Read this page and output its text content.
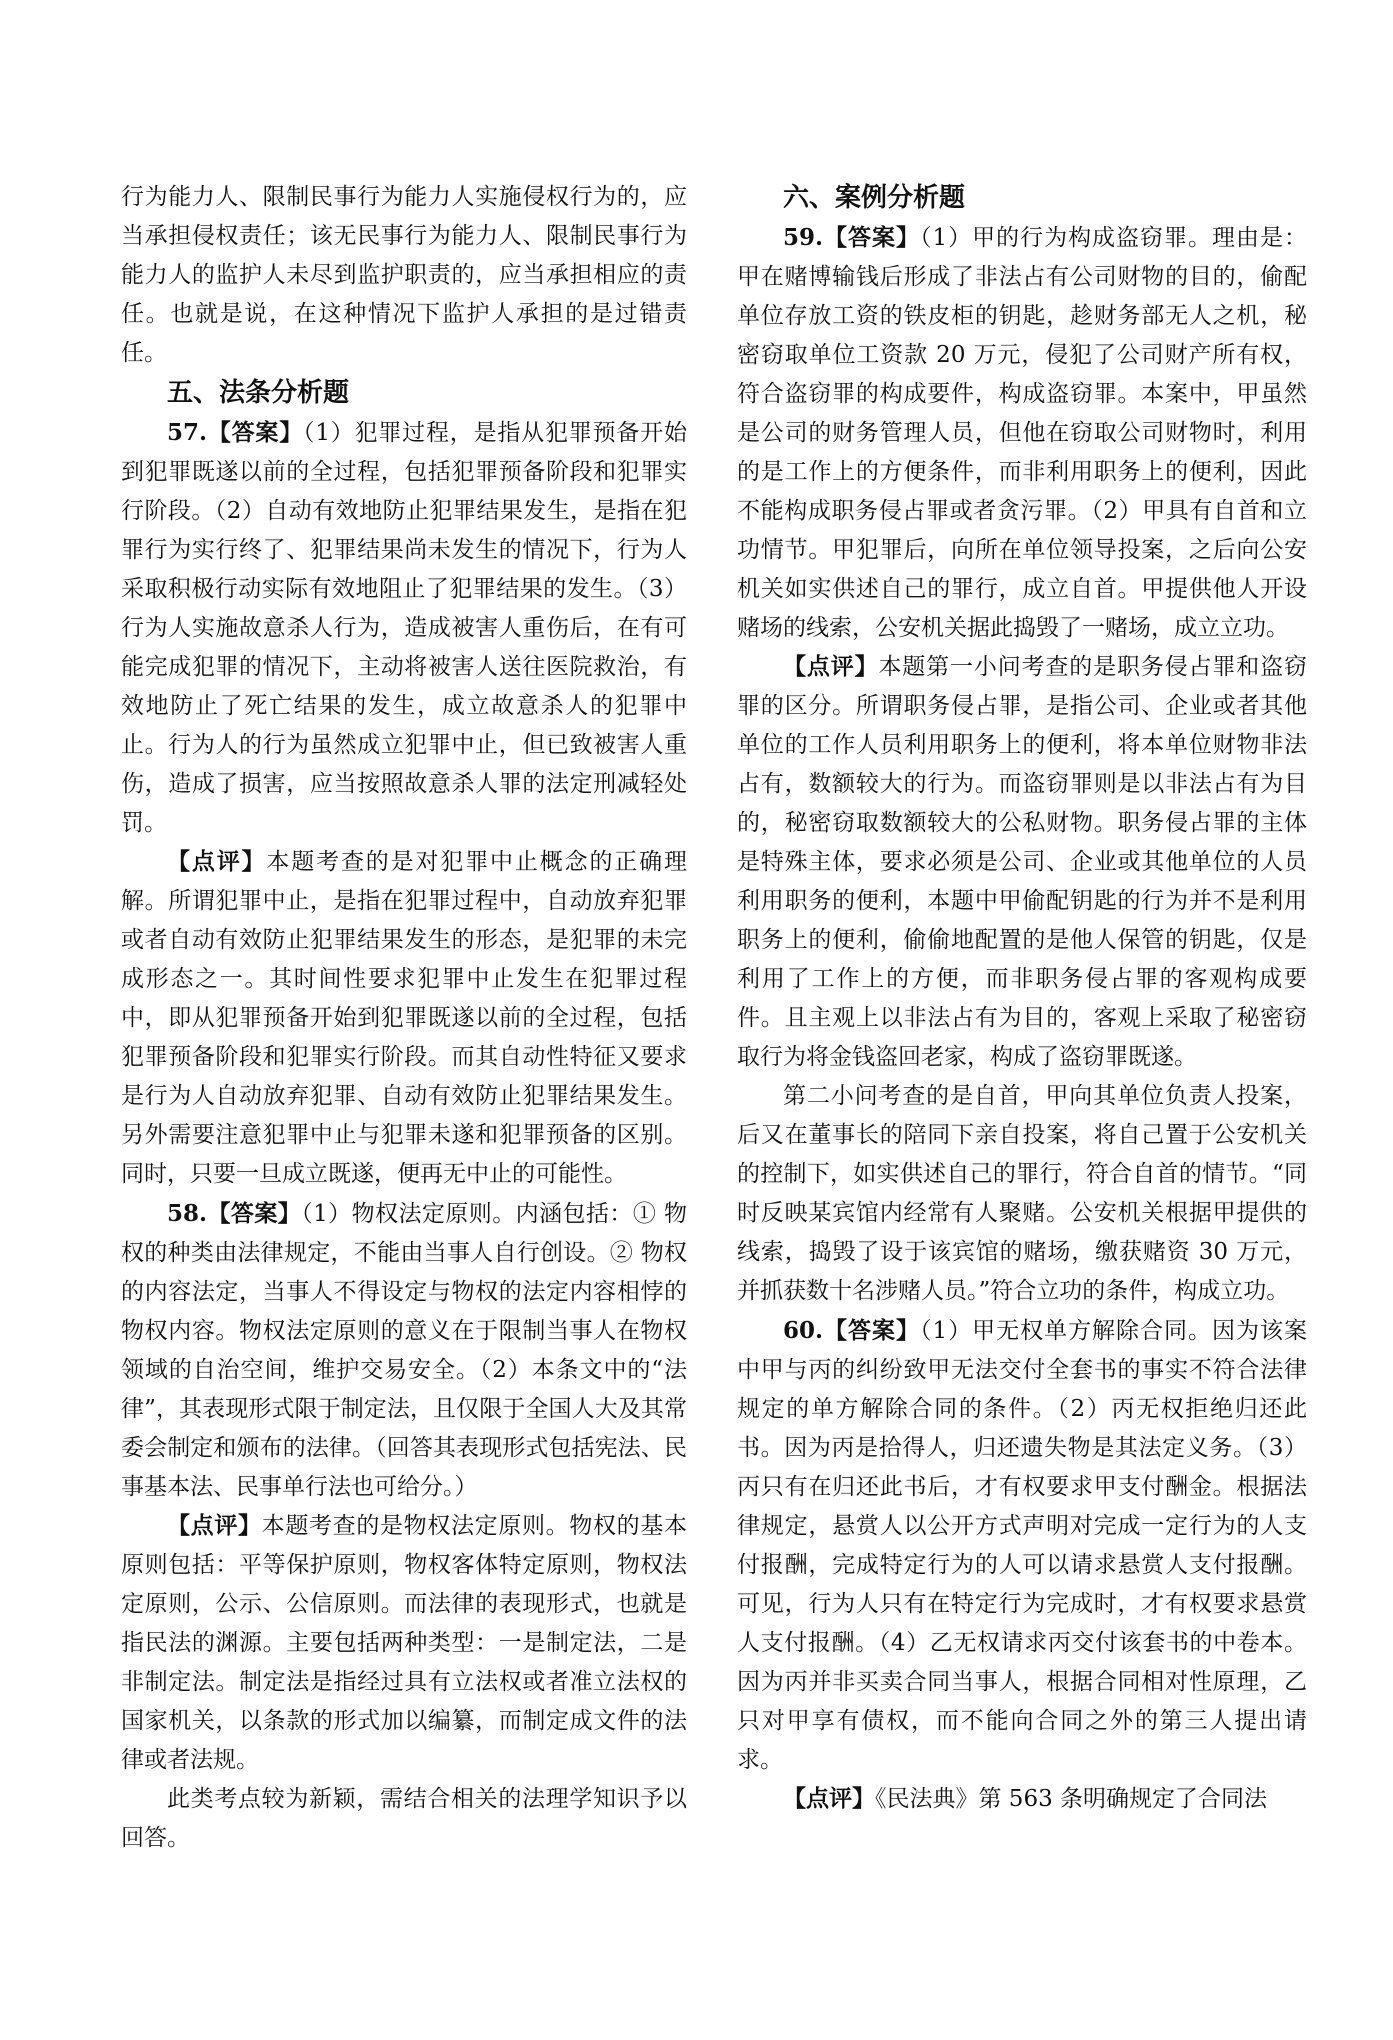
行为能力人、限制民事行为能力人实施侵权行为的，应当承担侵权责任；该无民事行为能力人、限制民事行为能力人的监护人未尽到监护职责的，应当承担相应的责任。也就是说，在这种情况下监护人承担的是过错责任。

五、法条分析题

57.【答案】（1）犯罪过程，是指从犯罪预备开始到犯罪既遂以前的全过程，包括犯罪预备阶段和犯罪实行阶段。（2）自动有效地防止犯罪结果发生，是指在犯罪行为实行终了、犯罪结果尚未发生的情况下，行为人采取积极行动实际有效地阻止了犯罪结果的发生。（3）行为人实施故意杀人行为，造成被害人重伤后，在有可能完成犯罪的情况下，主动将被害人送往医院救治，有效地防止了死亡结果的发生，成立故意杀人的犯罪中止。行为人的行为虽然成立犯罪中止，但已致被害人重伤，造成了损害，应当按照故意杀人罪的法定刑减轻处罚。

【点评】本题考查的是对犯罪中止概念的正确理解。所谓犯罪中止，是指在犯罪过程中，自动放弃犯罪或者自动有效防止犯罪结果发生的形态，是犯罪的未完成形态之一。其时间性要求犯罪中止发生在犯罪过程中，即从犯罪预备开始到犯罪既遂以前的全过程，包括犯罪预备阶段和犯罪实行阶段。而其自动性特征又要求是行为人自动放弃犯罪、自动有效防止犯罪结果发生。另外需要注意犯罪中止与犯罪未遂和犯罪预备的区别。同时，只要一旦成立既遂，便再无中止的可能性。

58.【答案】（1）物权法定原则。内涵包括：① 物权的种类由法律规定，不能由当事人自行创设。② 物权的内容法定，当事人不得设定与物权的法定内容相悖的物权内容。物权法定原则的意义在于限制当事人在物权领域的自治空间，维护交易安全。（2）本条文中的“法律”，其表现形式限于制定法，且仅限于全国人大及其常委会制定和颁布的法律。（回答其表现形式包括宪法、民事基本法、民事单行法也可给分。）

【点评】本题考查的是物权法定原则。物权的基本原则包括：平等保护原则，物权客体特定原则，物权法定原则，公示、公信原则。而法律的表现形式，也就是指民法的渊源。主要包括两种类型：一是制定法，二是非制定法。制定法是指经过具有立法权或者准立法权的国家机关，以条款的形式加以编纂，而制定成文件的法律或者法规。

此类考点较为新颖，需结合相关的法理学知识予以回答。

六、案例分析题

59.【答案】（1）甲的行为构成盗窃罪。理由是：甲在赌博输钱后形成了非法占有公司财物的目的，偷配单位存放工资的铁皮柜的钥匙，趁财务部无人之机，秘密窃取单位工资款 20 万元，侵犯了公司财产所有权，符合盗窃罪的构成要件，构成盗窃罪。本案中，甲虽然是公司的财务管理人员，但他在窃取公司财物时，利用的是工作上的方便条件，而非利用职务上的便利，因此不能构成职务侵占罪或者贪污罪。（2）甲具有自首和立功情节。甲犯罪后，向所在单位领导投案，之后向公安机关如实供述自己的罪行，成立自首。甲提供他人开设赌场的线索，公安机关据此捣毁了一赌场，成立立功。

【点评】本题第一小问考查的是职务侵占罪和盗窃罪的区分。所谓职务侵占罪，是指公司、企业或者其他单位的工作人员利用职务上的便利，将本单位财物非法占有，数额较大的行为。而盗窃罪则是以非法占有为目的，秘密窃取数额较大的公私财物。职务侵占罪的主体是特殊主体，要求必须是公司、企业或其他单位的人员利用职务的便利，本题中甲偷配钥匙的行为并不是利用职务上的便利，偷偷地配置的是他人保管的钥匙，仅是利用了工作上的方便，而非职务侵占罪的客观构成要件。且主观上以非法占有为目的，客观上采取了秘密窃取行为将金钱盗回老家，构成了盗窃罪既遂。

第二小问考查的是自首，甲向其单位负责人投案，后又在董事长的陪同下亲自投案，将自己置于公安机关的控制下，如实供述自己的罪行，符合自首的情节。“同时反映某宾馆内经常有人聚赌。公安机关根据甲提供的线索，捣毁了设于该宾馆的赌场，缴获赌资 30 万元，并抓获数十名涉赌人员。”符合立功的条件，构成立功。

60.【答案】（1）甲无权单方解除合同。因为该案中甲与丙的纠纷致甲无法交付全套书的事实不符合法律规定的单方解除合同的条件。（2）丙无权拒绝归还此书。因为丙是拾得人，归还遗失物是其法定义务。（3）丙只有在归还此书后，才有权要求甲支付酬金。根据法律规定，悬赏人以公开方式声明对完成一定行为的人支付报酬，完成特定行为的人可以请求悬赏人支付报酬。可见，行为人只有在特定行为完成时，才有权要求悬赏人支付报酬。（4）乙无权请求丙交付该套书的中卷本。因为丙并非买卖合同当事人，根据合同相对性原理，乙只对甲享有债权，而不能向合同之外的第三人提出请求。

【点评】《民法典》第 563 条明确规定了合同法
